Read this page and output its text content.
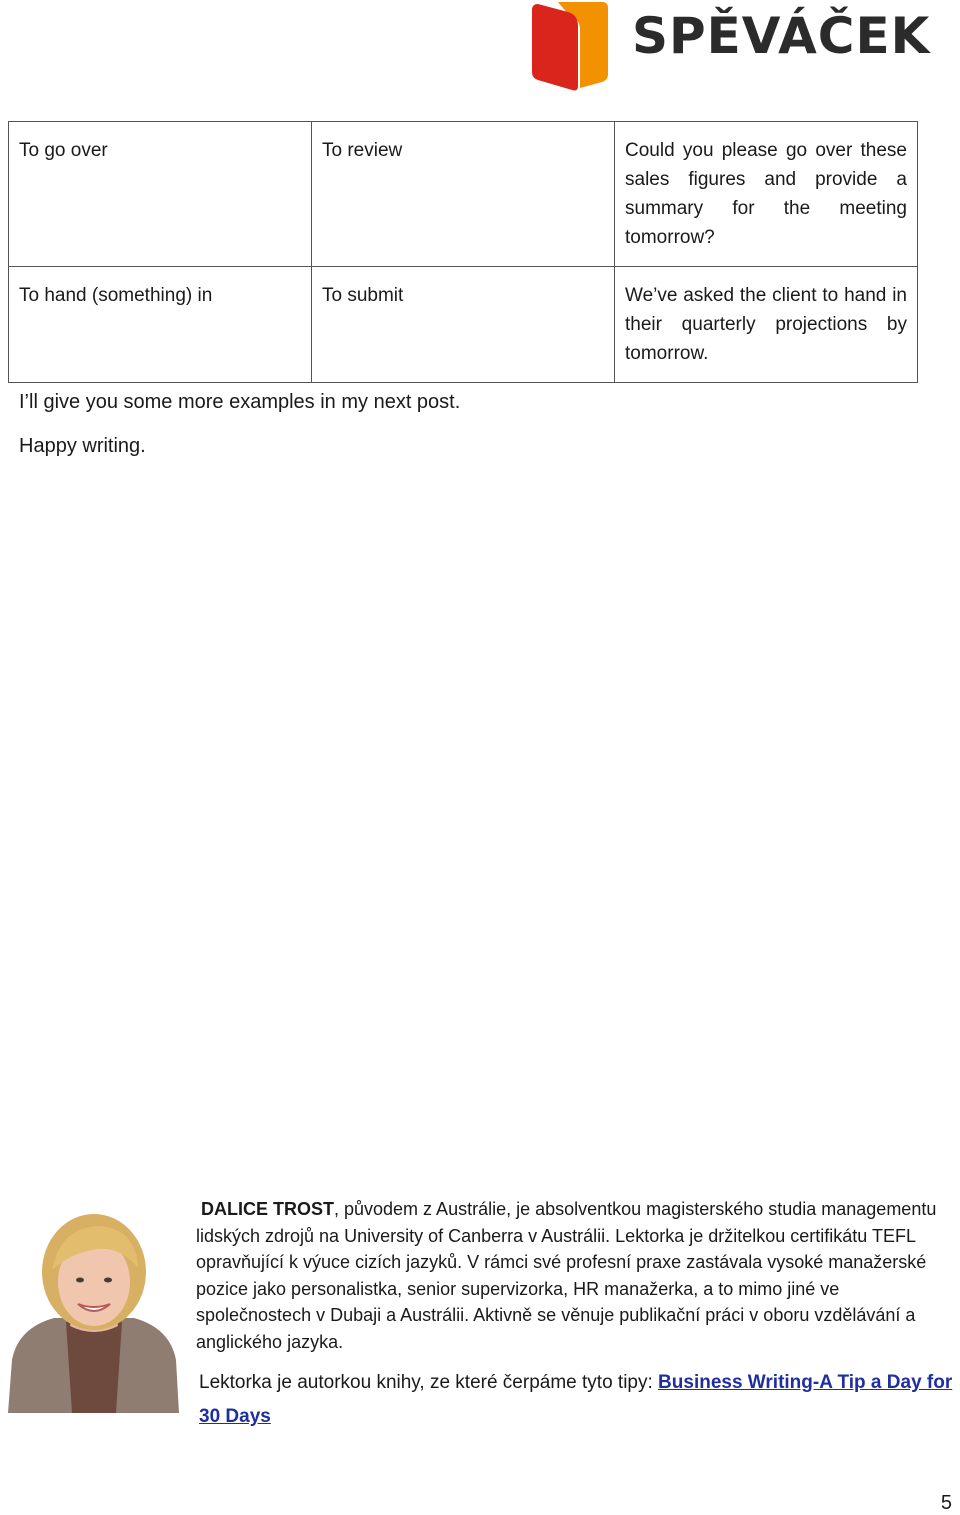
SPĚVÁČEK
To go over	To review	Could you please go over these sales figures and provide a summary for the meeting tomorrow?

To hand (something) in	To submit	We’ve asked the client to hand in their quarterly projections by tomorrow.
I’ll give you some more examples in my next post.
Happy writing.
DALICE TROST, původem z Austrálie, je absolventkou magisterského studia managementu lidských zdrojů na University of Canberra v Austrálii. Lektorka je držitelkou certifikátu TEFL opravňující k výuce cizích jazyků. V rámci své profesní praxe zastávala vysoké manažerské pozice jako personalistka, senior supervizorka, HR manažerka, a to mimo jiné ve společnostech v Dubaji a Austrálii. Aktivně se věnuje publikační práci v oboru vzdělávání a anglického jazyka.
Lektorka je autorkou knihy, ze které čerpáme tyto tipy: Business Writing-A Tip a Day for 30 Days
5
